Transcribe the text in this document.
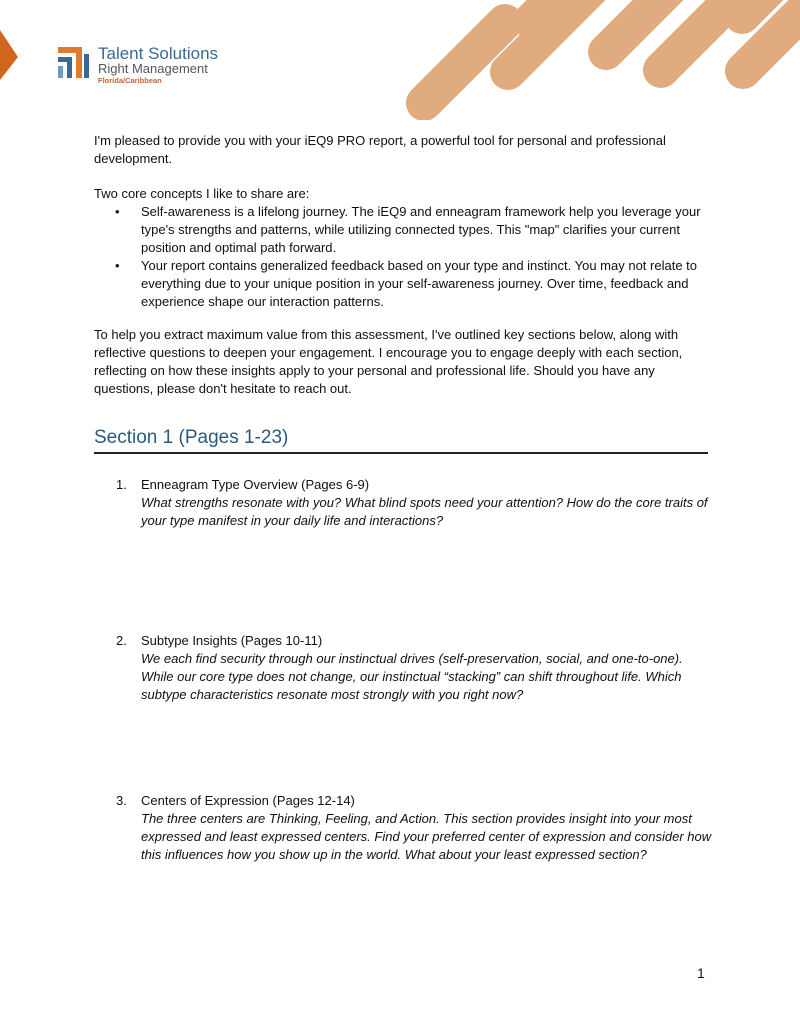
Talent Solutions
Right Management
Florida/Caribbean

I'm pleased to provide you with your iEQ9 PRO report, a powerful tool for personal and professional development.

Two core concepts I like to share are:

• Self-awareness is a lifelong journey. The iEQ9 and enneagram framework help you leverage your type's strengths and patterns, while utilizing connected types. This "map" clarifies your current position and optimal path forward.
• Your report contains generalized feedback based on your type and instinct. You may not relate to everything due to your unique position in your self-awareness journey. Over time, feedback and experience shape our interaction patterns.

To help you extract maximum value from this assessment, I've outlined key sections below, along with reflective questions to deepen your engagement. I encourage you to engage deeply with each section, reflecting on how these insights apply to your personal and professional life. Should you have any questions, please don't hesitate to reach out.

Section 1 (Pages 1-23)
1. Enneagram Type Overview (Pages 6-9)
What strengths resonate with you? What blind spots need your attention? How do the core traits of your type manifest in your daily life and interactions?
2. Subtype Insights (Pages 10-11)
We each find security through our instinctual drives (self-preservation, social, and one-to-one). While our core type does not change, our instinctual “stacking” can shift throughout life. Which subtype characteristics resonate most strongly with you right now?
3. Centers of Expression (Pages 12-14)
The three centers are Thinking, Feeling, and Action. This section provides insight into your most expressed and least expressed centers. Find your preferred center of expression and consider how this influences how you show up in the world. What about your least expressed section?
1
